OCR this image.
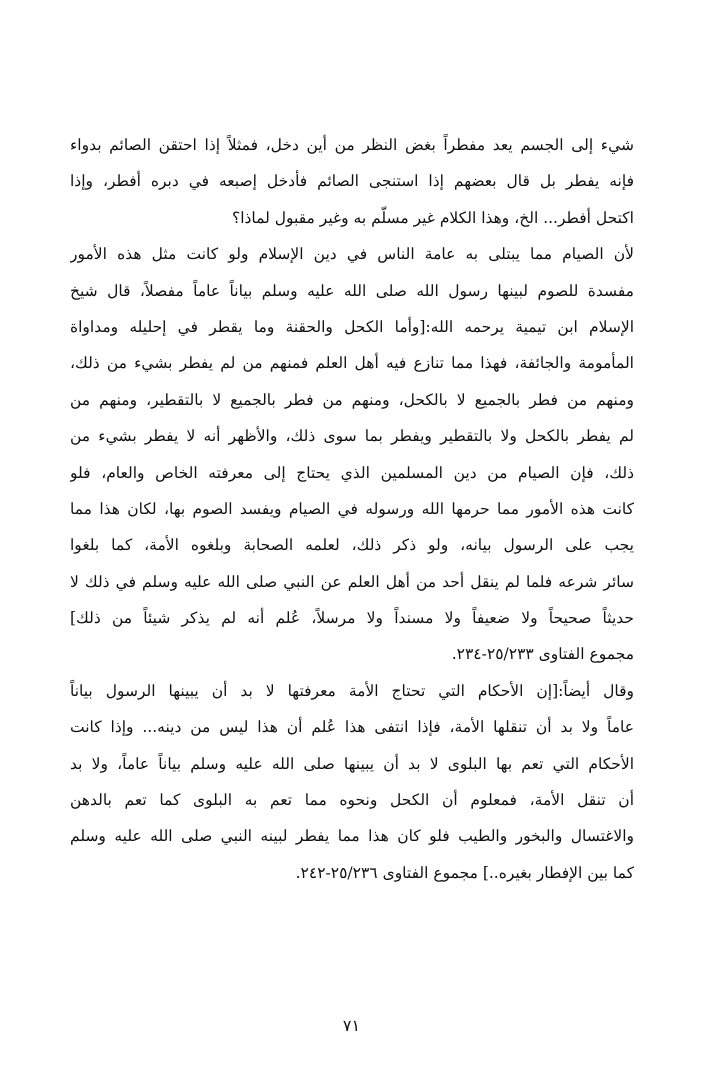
شيء إلى الجسم يعد مفطراً بغض النظر من أين دخل، فمثلاً إذا احتقن الصائم بدواء
فإنه يفطر بل قال بعضهم إذا استنجى الصائم فأدخل إصبعه في دبره أفطر، وإذا
اكتحل أفطر... الخ، وهذا الكلام غير مسلّم به وغير مقبول لماذا؟
لأن الصيام مما يبتلى به عامة الناس في دين الإسلام ولو كانت مثل هذه الأمور
مفسدة للصوم لبينها رسول الله صلى الله عليه وسلم بياناً عاماً مفصلاً، قال شيخ
الإسلام ابن تيمية يرحمه الله:[وأما الكحل والحقنة وما يقطر في إحليله ومداواة
المأمومة والجائفة، فهذا مما تنازع فيه أهل العلم فمنهم من لم يفطر بشيء من ذلك،
ومنهم من فطر بالجميع لا بالكحل، ومنهم من فطر بالجميع لا بالتقطير، ومنهم من
لم يفطر بالكحل ولا بالتقطير ويفطر بما سوى ذلك، والأظهر أنه لا يفطر بشيء من
ذلك، فإن الصيام من دين المسلمين الذي يحتاج إلى معرفته الخاص والعام، فلو
كانت هذه الأمور مما حرمها الله ورسوله في الصيام ويفسد الصوم بها، لكان هذا مما
يجب على الرسول بيانه، ولو ذكر ذلك، لعلمه الصحابة وبلغوه الأمة، كما بلغوا
سائر شرعه فلما لم ينقل أحد من أهل العلم عن النبي صلى الله عليه وسلم في ذلك لا
حديثاً صحيحاً ولا ضعيفاً ولا مسنداً ولا مرسلاً، عُلم أنه لم يذكر شيئاً من ذلك]
مجموع الفتاوى ٢٥/٢٣٣-٢٣٤.
وقال أيضاً:[إن الأحكام التي تحتاج الأمة معرفتها لا بد أن يبينها الرسول بياناً
عاماً ولا بد أن تنقلها الأمة، فإذا انتفى هذا عُلم أن هذا ليس من دينه... وإذا كانت
الأحكام التي تعم بها البلوى لا بد أن يبينها صلى الله عليه وسلم بياناً عاماً، ولا بد
أن تنقل الأمة، فمعلوم أن الكحل ونحوه مما تعم به البلوى كما تعم بالدهن
والاغتسال والبخور والطيب فلو كان هذا مما يفطر لبينه النبي صلى الله عليه وسلم
كما بين الإفطار بغيره..] مجموع الفتاوى ٢٥/٢٣٦-٢٤٢.
٧١
